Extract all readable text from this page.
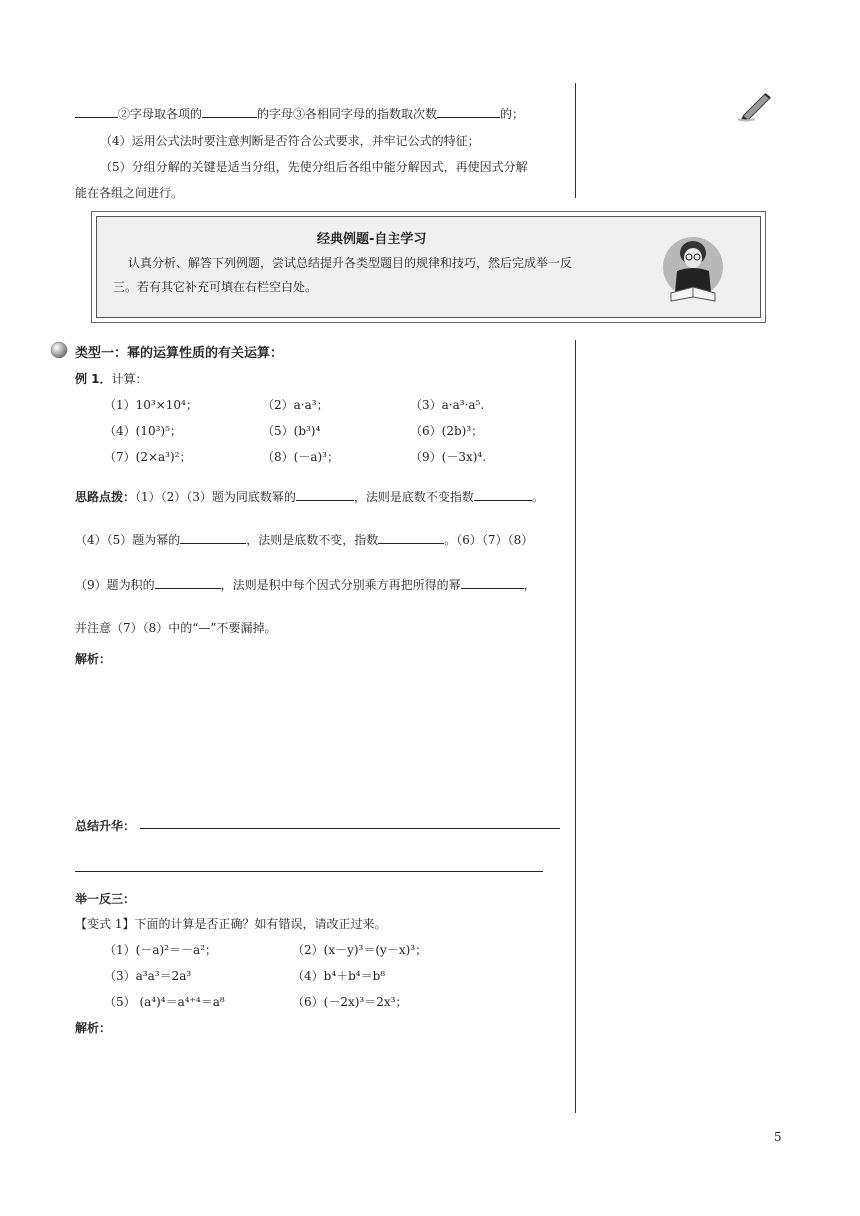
②字母取各项的	的字母③各相同字母的指数取次数	的；
（4）运用公式法时要注意判断是否符合公式要求，并牢记公式的特征；
（5）分组分解的关键是适当分组，先使分组后各组中能分解因式，再使因式分解
能在各组之间进行。
经典例题-自主学习
认真分析、解答下列例题，尝试总结提升各类型题目的规律和技巧，然后完成举一反
三。若有其它补充可填在右栏空白处。
类型一：幂的运算性质的有关运算：
例 1．计算：
（1）10³×10⁴；	（2）a·a³；	（3）a·a³·a⁵.
（4）(10³)⁵；	（5）(b³)⁴	（6）(2b)³；
（7）(2×a³)²；	（8）(－a)³；	（9）(－3x)⁴.
思路点拨：（1）（2）（3）题为同底数幂的	，法则是底数不变指数	。
（4）（5）题为幂的	，法则是底数不变，指数	。（6）（7）（8）
（9）题为积的	，法则是积中每个因式分别乘方再把所得的幂	，
并注意（7）（8）中的“—”不要漏掉。
解析：
总结升华：
举一反三：
【变式 1】下面的计算是否正确？如有错误，请改正过来。
（1）(－a)²＝－a²；	（2）(x－y)³＝(y－x)³；
（3）a³a³＝2a³	（4）b⁴＋b⁴＝b⁸
（5） (a⁴)⁴＝a⁴⁺⁴＝a⁸	（6）(－2x)³＝2x³；
解析：
5
